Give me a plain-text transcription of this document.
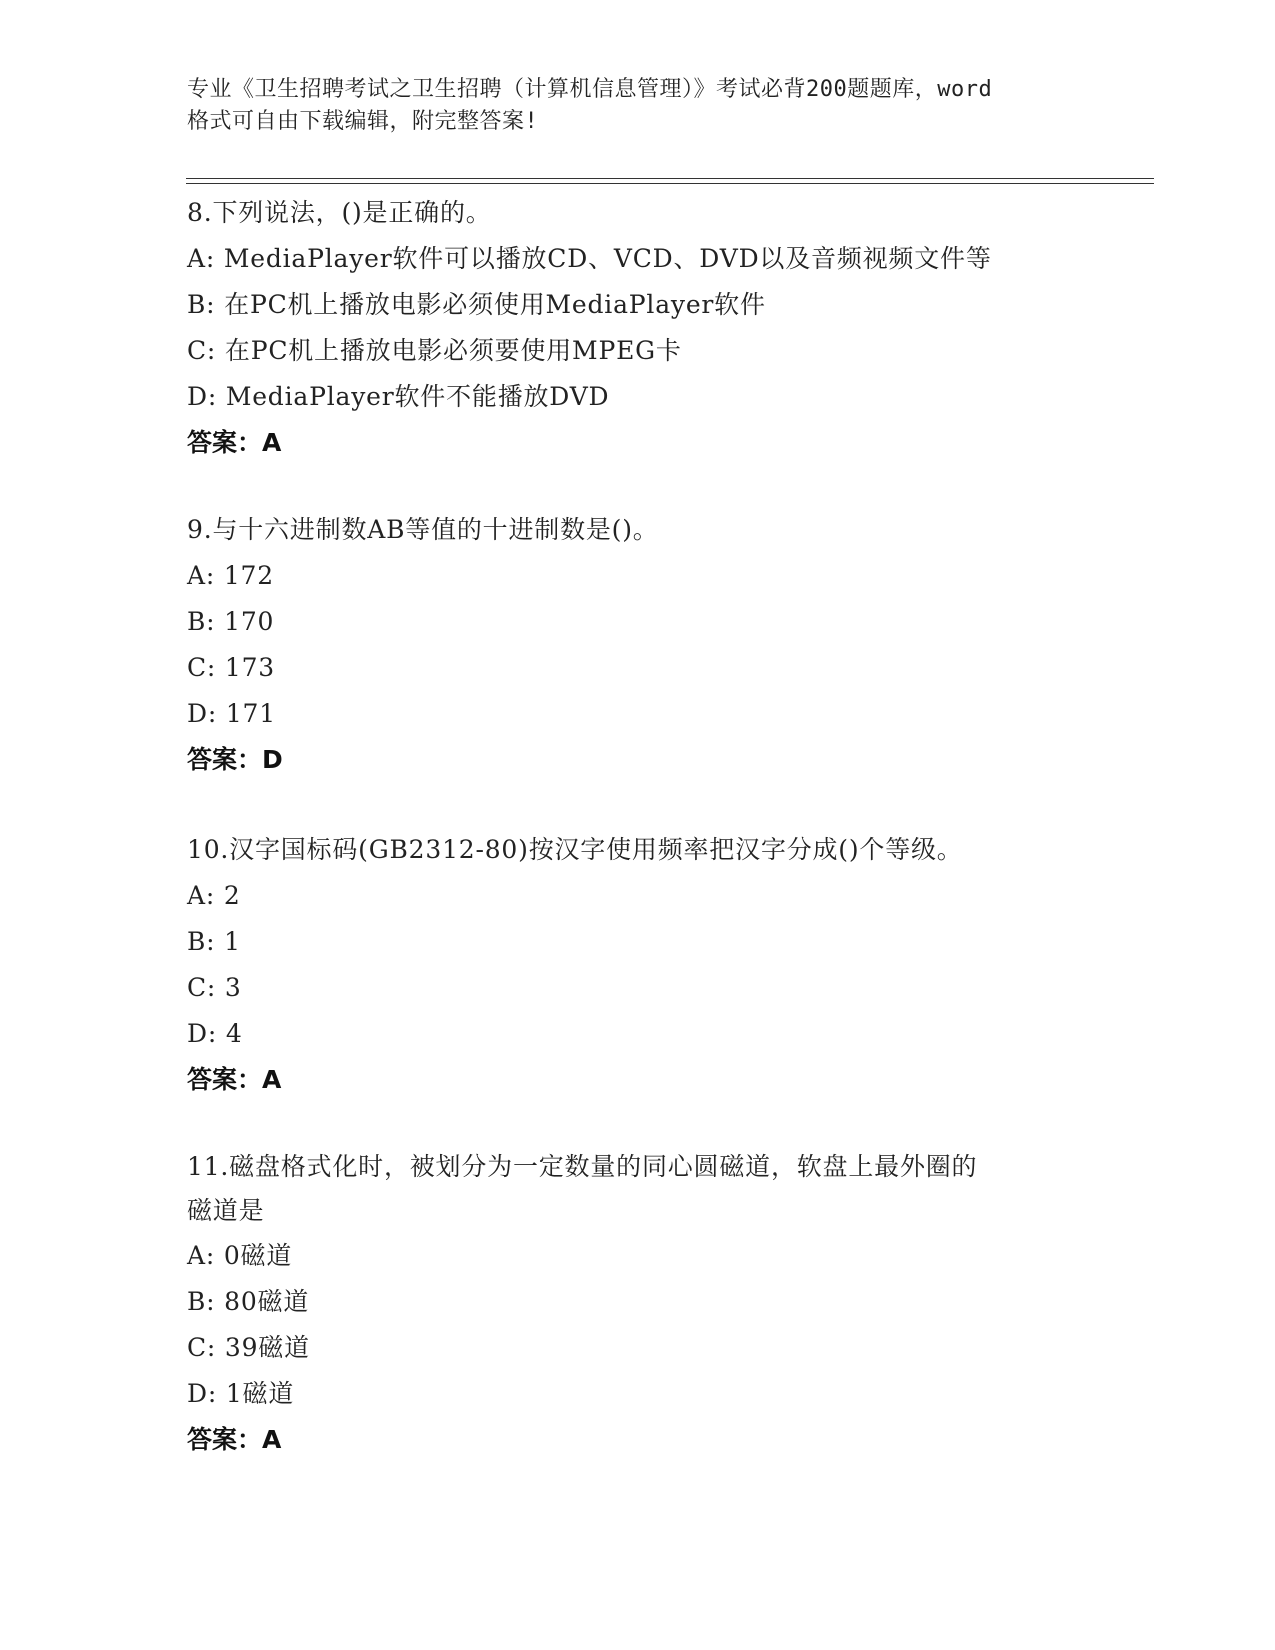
专业《卫生招聘考试之卫生招聘（计算机信息管理）》考试必背200题题库，word
格式可自由下载编辑，附完整答案!
8.下列说法，()是正确的。
A: MediaPlayer软件可以播放CD、VCD、DVD以及音频视频文件等
B: 在PC机上播放电影必须使用MediaPlayer软件
C: 在PC机上播放电影必须要使用MPEG卡
D: MediaPlayer软件不能播放DVD
答案：A
9.与十六进制数AB等值的十进制数是()。
A: 172
B: 170
C: 173
D: 171
答案：D
10.汉字国标码(GB2312-80)按汉字使用频率把汉字分成()个等级。
A: 2
B: 1
C: 3
D: 4
答案：A
11.磁盘格式化时，被划分为一定数量的同心圆磁道，软盘上最外圈的
磁道是
A: 0磁道
B: 80磁道
C: 39磁道
D: 1磁道
答案：A
